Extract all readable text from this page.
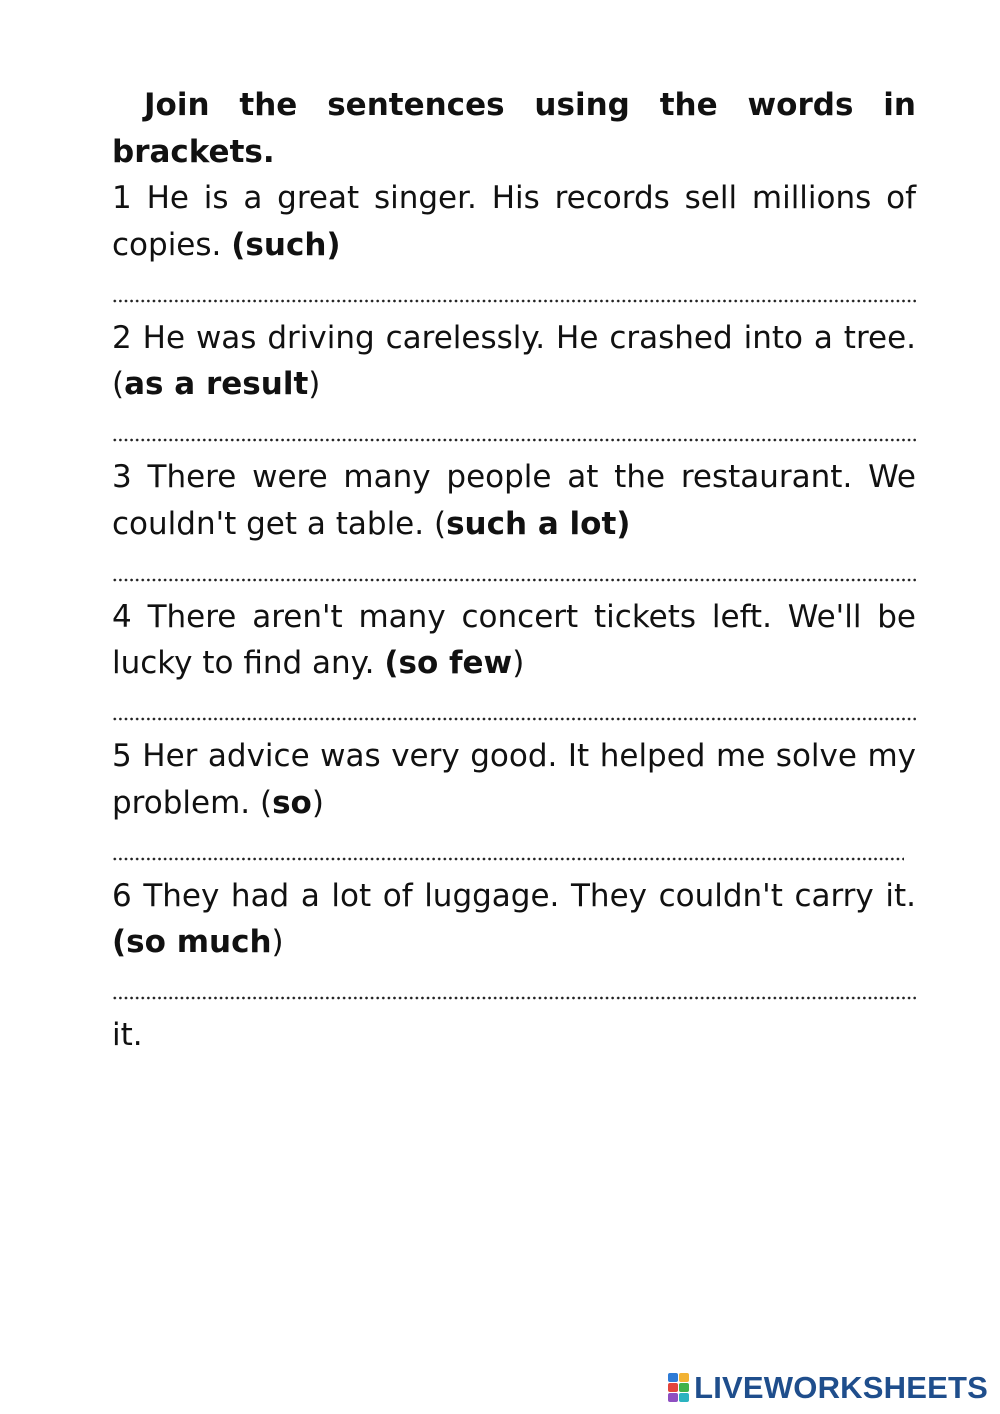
Join the sentences using the words in brackets.

1 He is a great singer. His records sell millions of copies. (such)

2 He was driving carelessly. He crashed into a tree. (as a result)

3 There were many people at the restaurant. We couldn't get a table. (such a lot)

4 There aren't many concert tickets left. We'll be lucky to find any. (so few)

5 Her advice was very good. It helped me solve my problem. (so)

6 They had a lot of luggage. They couldn't carry it. (so much)

it.

LIVEWORKSHEETS
